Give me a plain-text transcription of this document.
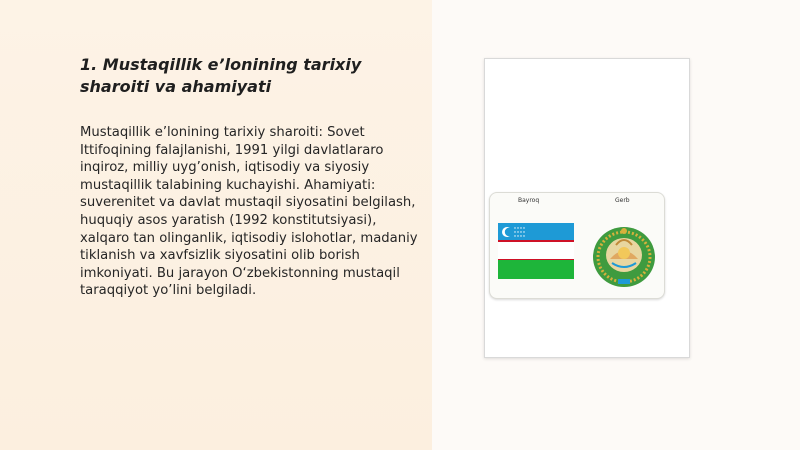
1. Mustaqillik e’lonining tarixiy sharoiti va ahamiyati

Mustaqillik e’lonining tarixiy sharoiti: Sovet Ittifoqining falajlanishi, 1991 yilgi davlatlararo inqiroz, milliy uyg’onish, iqtisodiy va siyosiy mustaqillik talabining kuchayishi. Ahamiyati: suverenitet va davlat mustaqil siyosatini belgilash, huquqiy asos yaratish (1992 konstitutsiyasi), xalqaro tan olinganlik, iqtisodiy islohotlar, madaniy tiklanish va xavfsizlik siyosatini olib borish imkoniyati. Bu jarayon O‘zbekistonning mustaqil taraqqiyot yo’lini belgiladi.

Bayroq	Gerb
